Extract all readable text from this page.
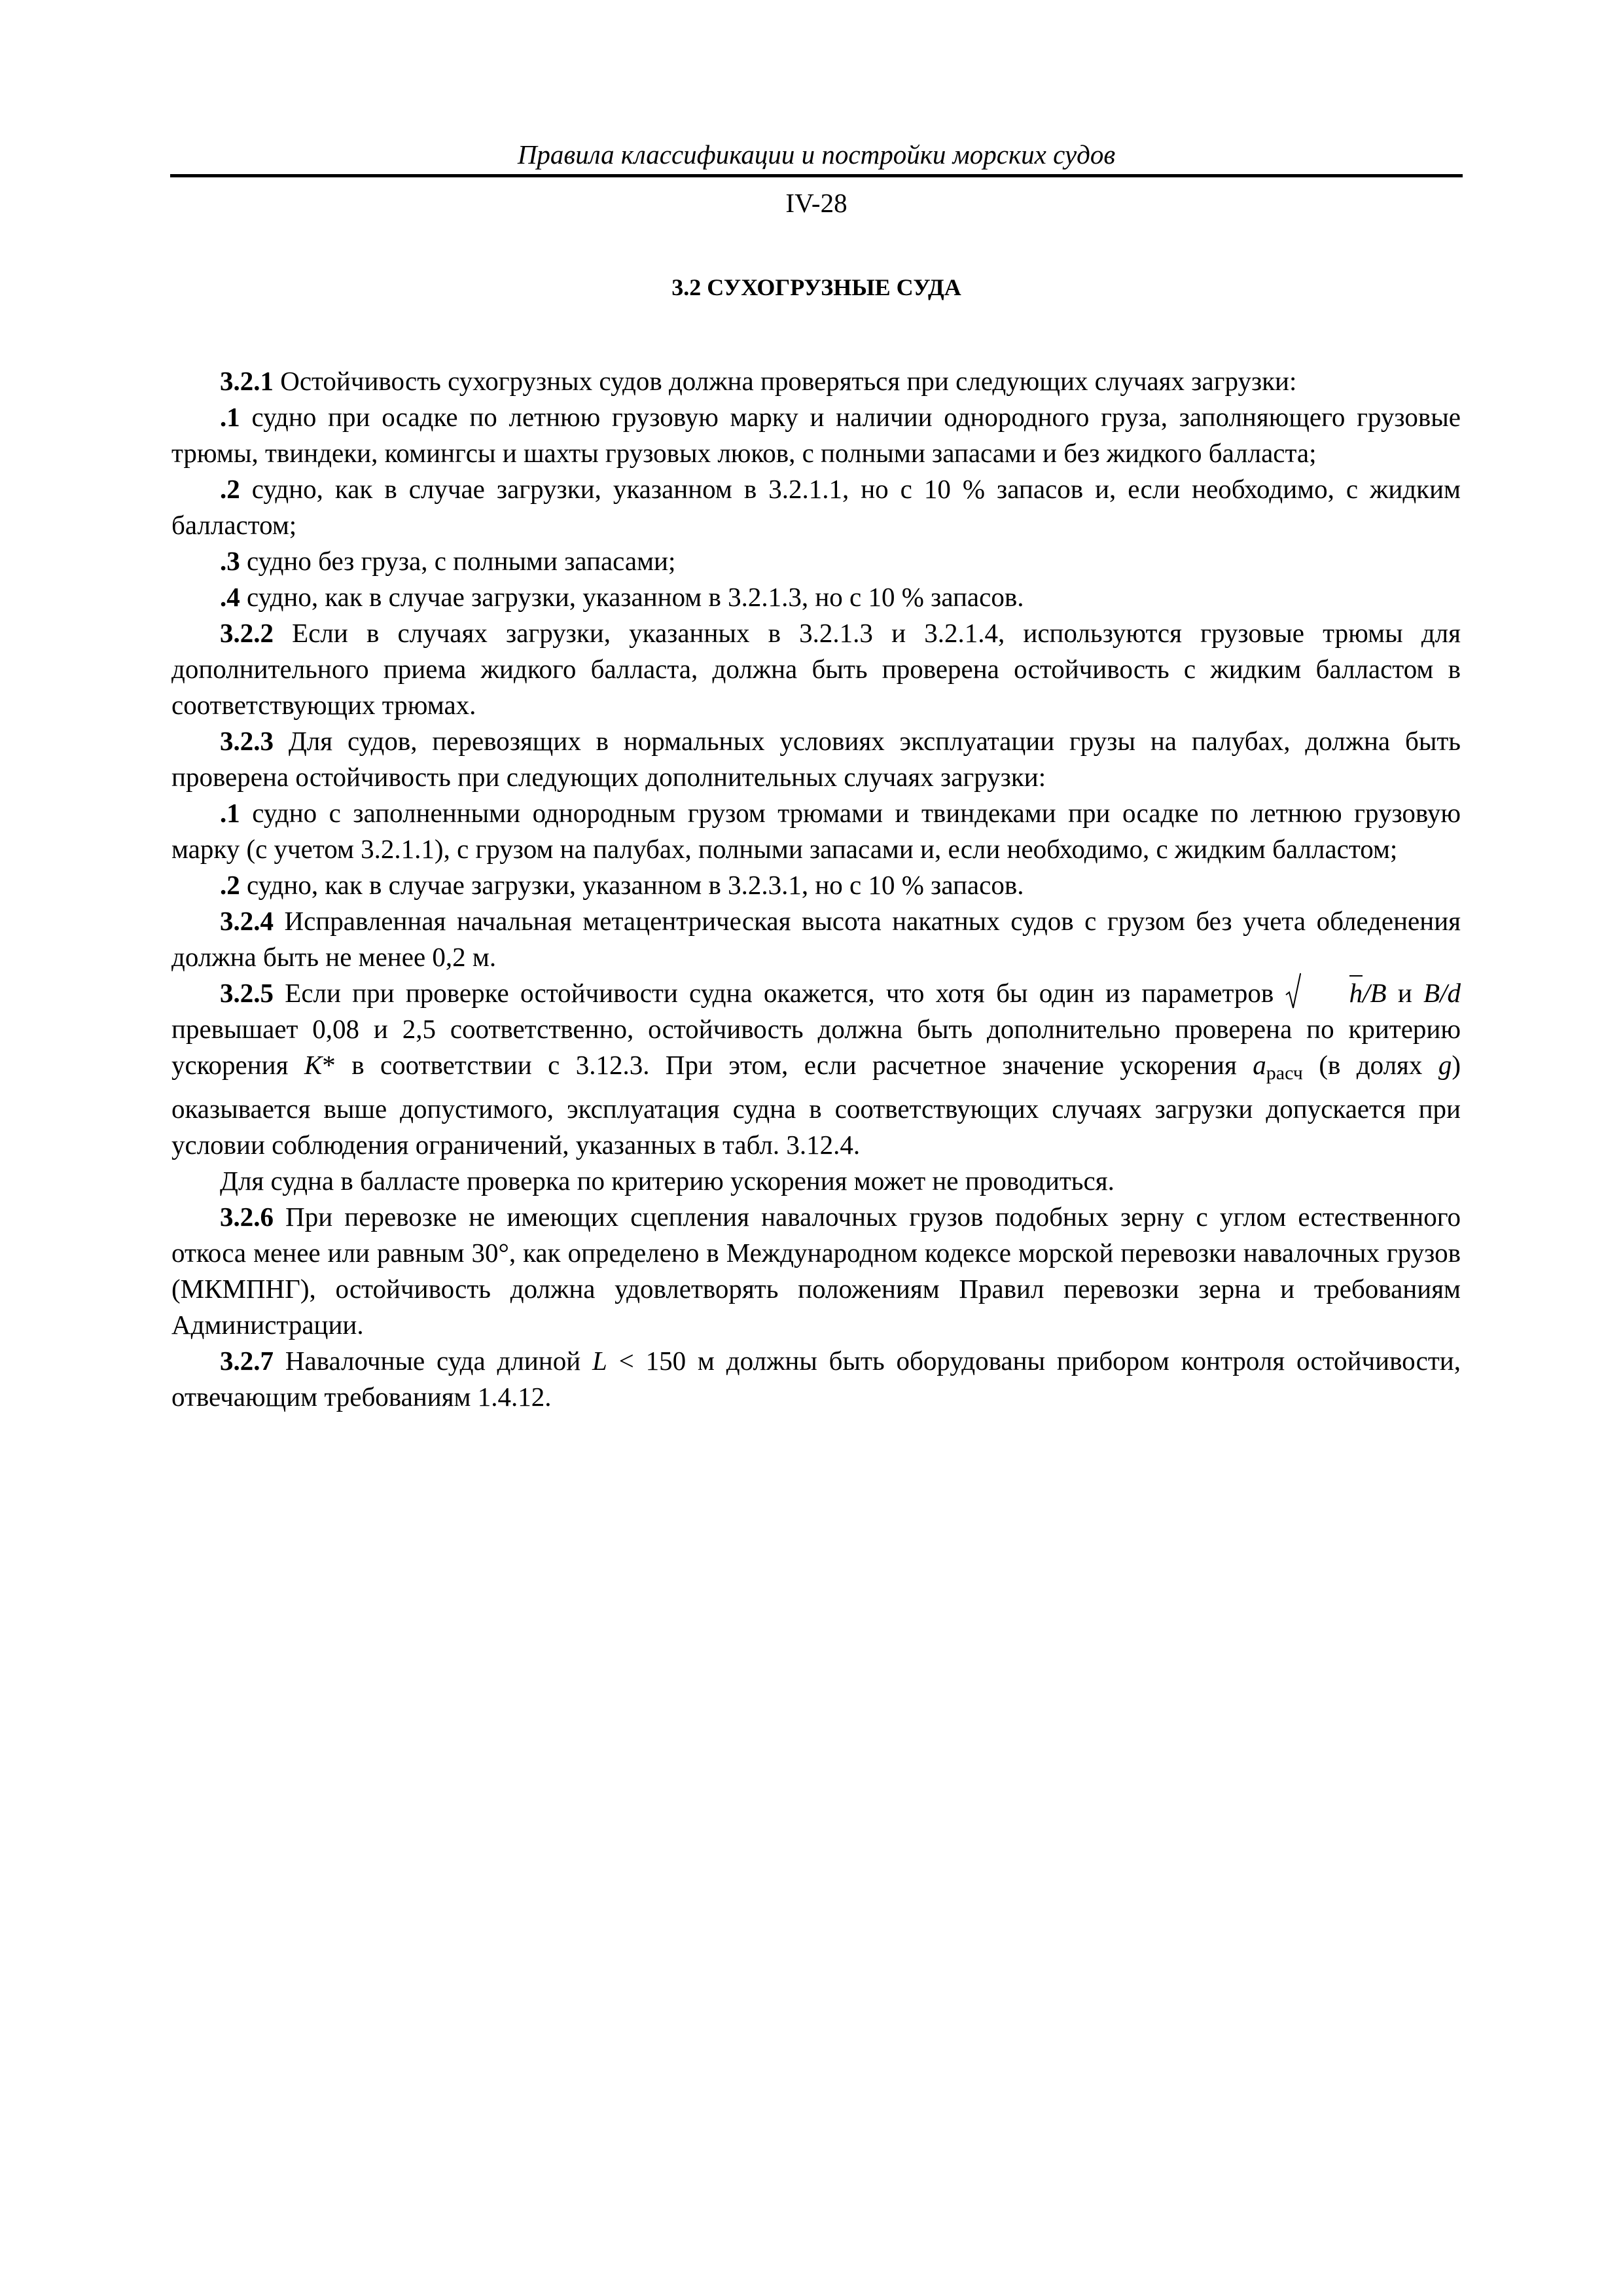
Правила классификации и постройки морских судов
IV-28
3.2 СУХОГРУЗНЫЕ СУДА

3.2.1 Остойчивость сухогрузных судов должна проверяться при следующих случаях загрузки:

.1 судно при осадке по летнюю грузовую марку и наличии однородного груза, заполняющего грузовые трюмы, твиндеки, комингсы и шахты грузовых люков, с полными запасами и без жидкого балласта;

.2 судно, как в случае загрузки, указанном в 3.2.1.1, но с 10 % запасов и, если необходимо, с жидким балластом;

.3 судно без груза, с полными запасами;

.4 судно, как в случае загрузки, указанном в 3.2.1.3, но с 10 % запасов.

3.2.2 Если в случаях загрузки, указанных в 3.2.1.3 и 3.2.1.4, используются грузовые трюмы для дополнительного приема жидкого балласта, должна быть проверена остойчивость с жидким балластом в соответствующих трюмах.

3.2.3 Для судов, перевозящих в нормальных условиях эксплуатации грузы на палубах, должна быть проверена остойчивость при следующих дополнительных случаях загрузки:

.1 судно с заполненными однородным грузом трюмами и твиндеками при осадке по летнюю грузовую марку (с учетом 3.2.1.1), с грузом на палубах, полными запасами и, если необходимо, с жидким балластом;

.2 судно, как в случае загрузки, указанном в 3.2.3.1, но с 10 % запасов.

3.2.4 Исправленная начальная метацентрическая высота накатных судов с грузом без учета обледенения должна быть не менее 0,2 м.

3.2.5 Если при проверке остойчивости судна окажется, что хотя бы один из параметров
h/B и B/d превышает 0,08 и 2,5 соответственно, остойчивость должна быть дополнительно проверена по критерию ускорения K* в соответствии с 3.12.3. При этом, если расчетное значение ускорения $a_{расч}$ (в долях g) оказывается выше допустимого, эксплуатация судна в соответствующих случаях загрузки допускается при условии соблюдения ограничений, указанных в табл. 3.12.4.

Для судна в балласте проверка по критерию ускорения может не проводиться.

3.2.6 При перевозке не имеющих сцепления навалочных грузов подобных зерну с углом естественного откоса менее или равным 30°, как определено в Международном кодексе морской перевозки навалочных грузов (МКМПНГ), остойчивость должна удовлетворять положениям Правил перевозки зерна и требованиям Администрации.

3.2.7 Навалочные суда длиной L < 150 м должны быть оборудованы прибором контроля остойчивости, отвечающим требованиям 1.4.12.
